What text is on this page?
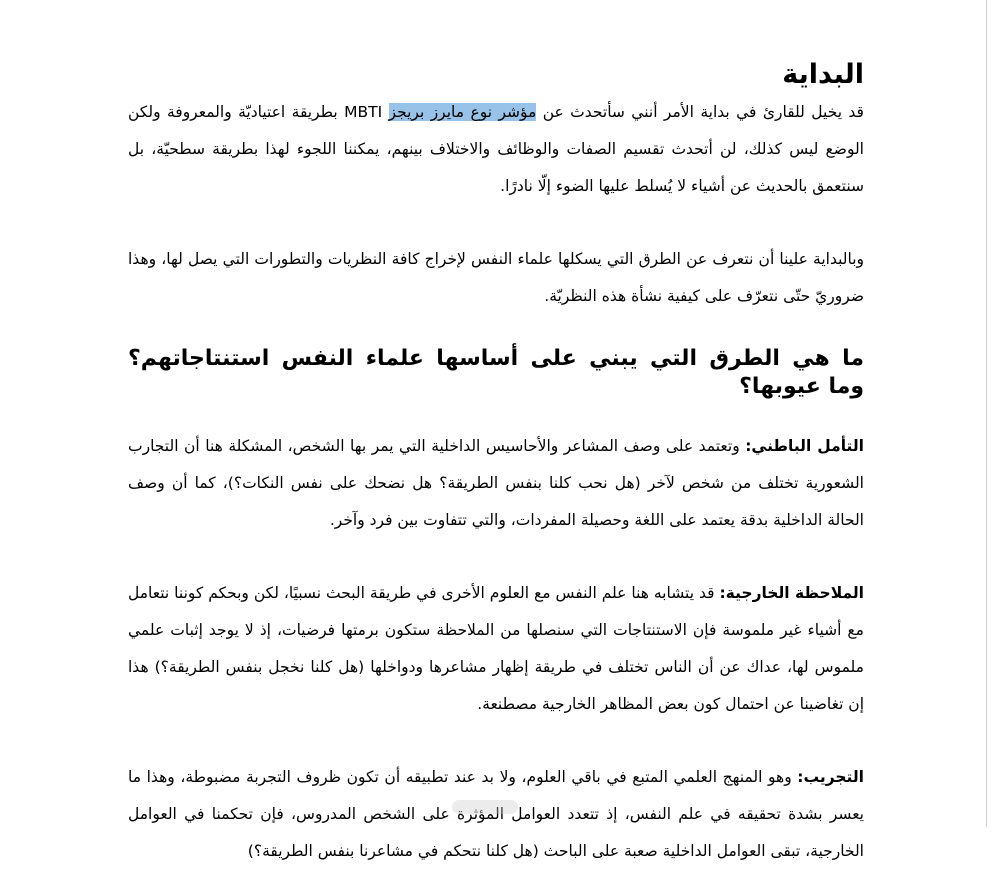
البداية

قد يخيل للقارئ في بداية الأمر أنني سأتحدث عن مؤشر نوع مايرز بريجز MBTI بطريقة اعتياديّة والمعروفة ولكن الوضع ليس كذلك، لن أتحدث تقسيم الصفات والوظائف والاختلاف بينهم، يمكننا اللجوء لهذا بطريقة سطحيّة، بل سنتعمق بالحديث عن أشياء لا يُسلط عليها الضوء إلّا نادرًا.

وبالبداية علينا أن نتعرف عن الطرق التي يسكلها علماء النفس لإخراج كافة النظريات والتطورات التي يصل لها، وهذا ضروريّ حتّى نتعرّف على كيفية نشأة هذه النظريّة.

ما هي الطرق التي يبني على أساسها علماء النفس استنتاجاتهم؟ وما عيوبها؟

التأمل الباطني: وتعتمد على وصف المشاعر والأحاسيس الداخلية التي يمر بها الشخص، المشكلة هنا أن التجارب الشعورية تختلف من شخص لآخر (هل نحب كلنا بنفس الطريقة؟ هل نضحك على نفس النكات؟)، كما أن وصف الحالة الداخلية بدقة يعتمد على اللغة وحصيلة المفردات، والتي تتفاوت بين فرد وآخر.

الملاحظة الخارجية: قد يتشابه هنا علم النفس مع العلوم الأخرى في طريقة البحث نسبيًا، لكن وبحكم كوننا نتعامل مع أشياء غير ملموسة فإن الاستنتاجات التي سنصلها من الملاحظة ستكون برمتها فرضيات، إذ لا يوجد إثبات علمي ملموس لها، عداك عن أن الناس تختلف في طريقة إظهار مشاعرها ودواخلها (هل كلنا نخجل بنفس الطريقة؟) هذا إن تغاضينا عن احتمال كون بعض المظاهر الخارجية مصطنعة.

التجريب: وهو المنهج العلمي المتبع في باقي العلوم، ولا بد عند تطبيقه أن تكون ظروف التجربة مضبوطة، وهذا ما يعسر بشدة تحقيقه في علم النفس، إذ تتعدد العوامل المؤثرة على الشخص المدروس، فإن تحكمنا في العوامل الخارجية، تبقى العوامل الداخلية صعبة على الباحث (هل كلنا نتحكم في مشاعرنا بنفس الطريقة؟)
